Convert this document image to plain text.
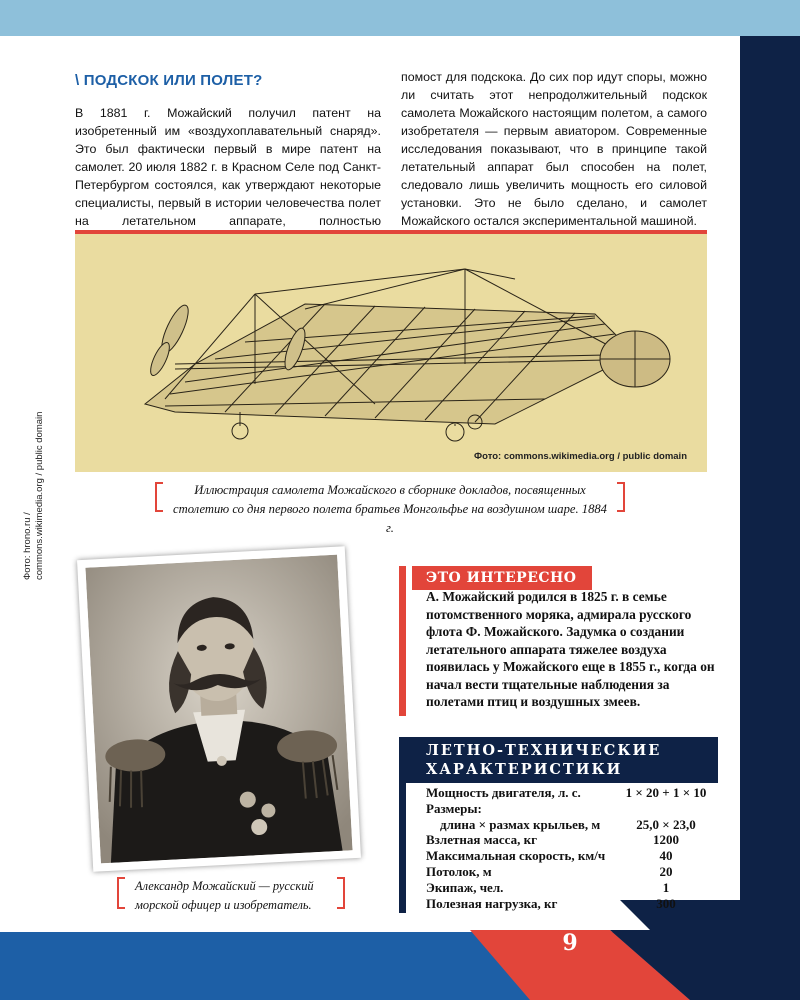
9
\ ПОДСКОК ИЛИ ПОЛЕТ?
В 1881 г. Можайский получил патент на изобретенный им «воздухоплавательный снаряд». Это был фактически первый в мире патент на самолет. 20 июля 1882 г. в Красном Селе под Санкт-Петербургом состоялся, как утверждают некоторые специалисты, первый в истории человечества полет на летательном аппарате, полностью
помост для подскока. До сих пор идут споры, можно ли считать этот непродолжительный подскок самолета Можайского настоящим полетом, а самого изобретателя — первым авиатором. Современные исследования показывают, что в принципе такой летательный аппарат был способен на полет, следовало лишь увеличить мощность его силовой установки. Это не было сделано, и самолет Можайского остался экспериментальной машиной.
Фото: commons.wikimedia.org / public domain
Иллюстрация самолета Можайского в сборнике докладов, посвященных столетию со дня первого полета братьев Монгольфье на воздушном шаре. 1884 г.
Фото: hrono.ru / commons.wikimedia.org / public domain
Александр Можайский — русский морской офицер и изобретатель.
ЭТО ИНТЕРЕСНО
А. Можайский родился в 1825 г. в семье потомственного моряка, адмирала русского флота Ф. Можайского. Задумка о создании летательного аппарата тяжелее воздуха появилась у Можайского еще в 1855 г., когда он начал вести тщательные наблюдения за полетами птиц и воздушных змеев.
ЛЕТНО-ТЕХНИЧЕСКИЕ ХАРАКТЕРИСТИКИ
Мощность двигателя, л. с.	1 × 20 + 1 × 10
Размеры:
длина × размах крыльев, м	25,0 × 23,0
Взлетная масса, кг	1200
Максимальная скорость, км/ч	40
Потолок, м	20
Экипаж, чел.	1
Полезная нагрузка, кг	300
